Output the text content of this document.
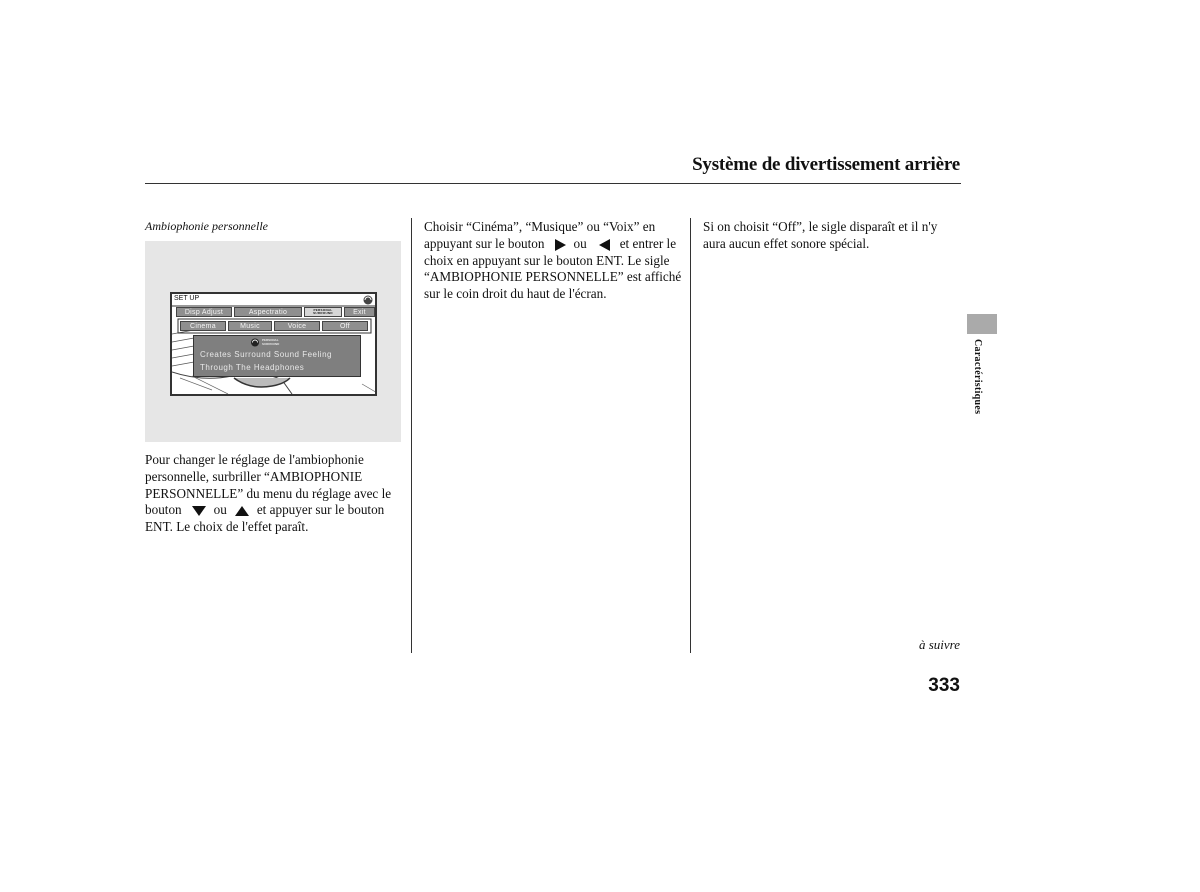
Système de divertissement arrière
Ambiophonie personnelle
SET UP
Disp Adjust	Aspectratio	PERSONAL
SURROUND	Exit
Cinema	Music	Voice	Off
PERSONAL
SURROUND
Creates Surround Sound Feeling
Through The Headphones
Pour changer le réglage de l'ambiophonie personnelle, surbriller “AMBIOPHONIE PERSONNELLE” du menu du réglage avec le bouton ou et appuyer sur le bouton ENT. Le choix de l'effet paraît.
Choisir “Cinéma”, “Musique” ou “Voix” en appuyant sur le bouton ou	et entrer le choix en appuyant sur le bouton ENT. Le sigle “AMBIOPHONIE PERSONNELLE” est affiché sur le coin droit du haut de l'écran.
Si on choisit “Off”, le sigle disparaît et il n'y aura aucun effet sonore spécial.
à suivre
333
Caractéristiques
